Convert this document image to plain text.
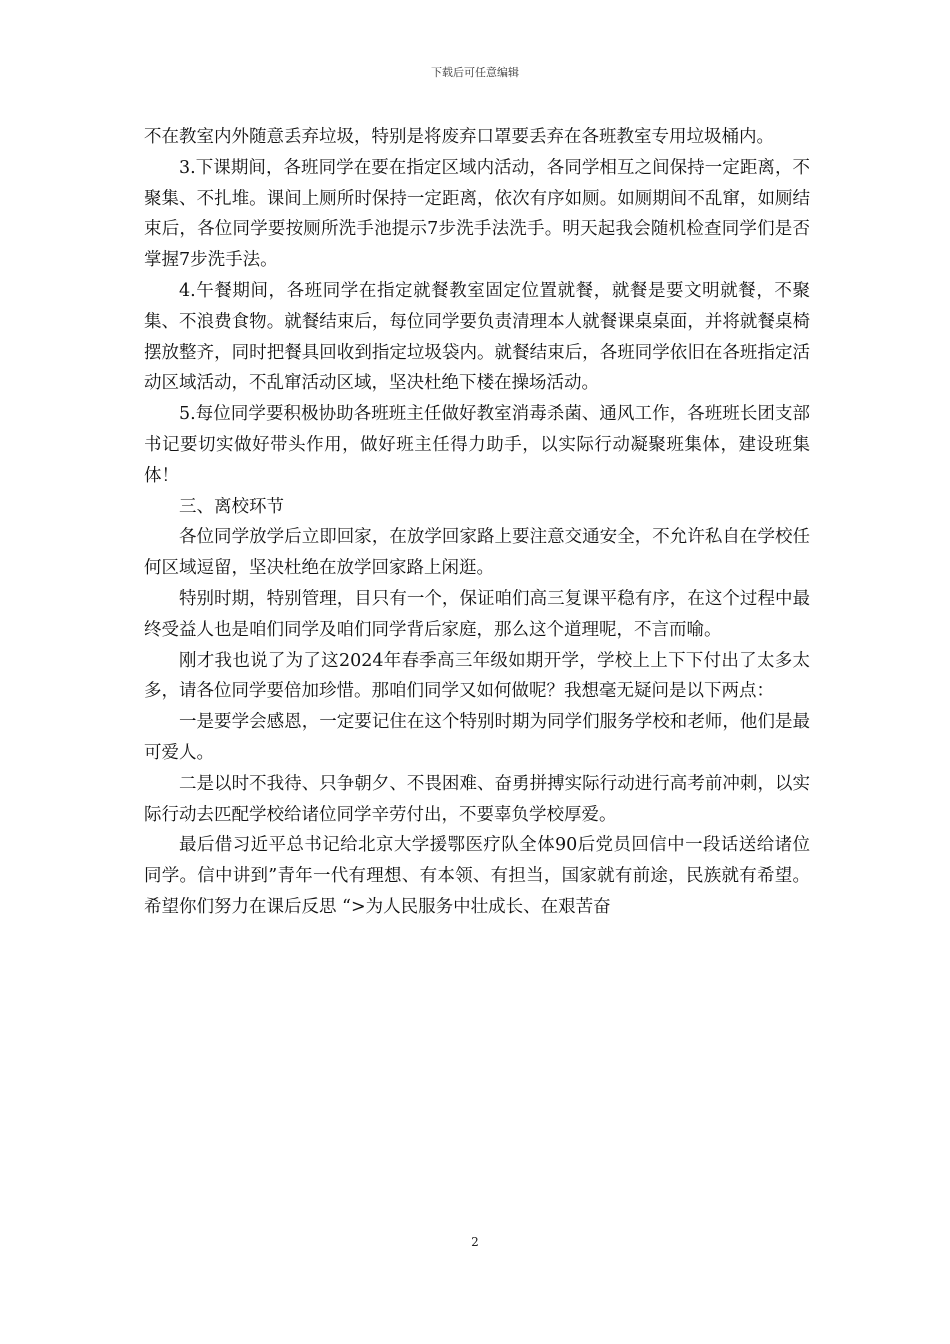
下载后可任意编辑

不在教室内外随意丢弃垃圾，特别是将废弃口罩要丢弃在各班教室专用垃圾桶内。

3.下课期间，各班同学在要在指定区域内活动，各同学相互之间保持一定距离，不聚集、不扎堆。课间上厕所时保持一定距离，依次有序如厕。如厕期间不乱窜，如厕结束后，各位同学要按厕所洗手池提示7步洗手法洗手。明天起我会随机检查同学们是否掌握7步洗手法。

4.午餐期间，各班同学在指定就餐教室固定位置就餐，就餐是要文明就餐，不聚集、不浪费食物。就餐结束后，每位同学要负责清理本人就餐课桌桌面，并将就餐桌椅摆放整齐，同时把餐具回收到指定垃圾袋内。就餐结束后，各班同学依旧在各班指定活动区域活动，不乱窜活动区域，坚决杜绝下楼在操场活动。

5.每位同学要积极协助各班班主任做好教室消毒杀菌、通风工作，各班班长团支部书记要切实做好带头作用，做好班主任得力助手，以实际行动凝聚班集体，建设班集体！

三、离校环节

各位同学放学后立即回家，在放学回家路上要注意交通安全，不允许私自在学校任何区域逗留，坚决杜绝在放学回家路上闲逛。

特别时期，特别管理，目只有一个，保证咱们高三复课平稳有序，在这个过程中最终受益人也是咱们同学及咱们同学背后家庭，那么这个道理呢，不言而喻。

刚才我也说了为了这2024年春季高三年级如期开学，学校上上下下付出了太多太多，请各位同学要倍加珍惜。那咱们同学又如何做呢？我想毫无疑问是以下两点：

一是要学会感恩，一定要记住在这个特别时期为同学们服务学校和老师，他们是最可爱人。

二是以时不我待、只争朝夕、不畏困难、奋勇拼搏实际行动进行高考前冲刺，以实际行动去匹配学校给诸位同学辛劳付出，不要辜负学校厚爱。

最后借习近平总书记给北京大学援鄂医疗队全体90后党员回信中一段话送给诸位同学。信中讲到”青年一代有理想、有本领、有担当，国家就有前途，民族就有希望。希望你们努力在课后反思 “>为人民服务中壮成长、在艰苦奋

2
